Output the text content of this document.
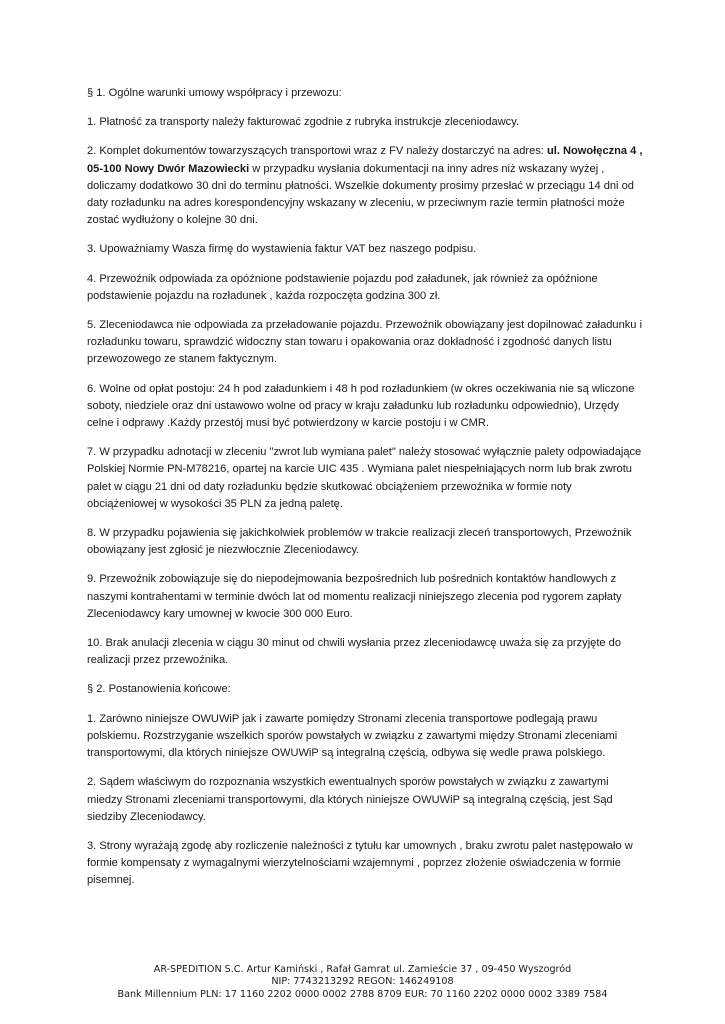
§ 1. Ogólne warunki umowy współpracy i przewozu:

1. Płatność za transporty należy fakturować zgodnie z rubryka instrukcje zleceniodawcy.

2. Komplet dokumentów towarzyszących transportowi wraz z FV należy dostarczyć na adres: ul. Nowołęczna 4 , 05-100 Nowy Dwór Mazowiecki w przypadku wysłania dokumentacji na inny adres niż wskazany wyżej , doliczamy dodatkowo 30 dni do terminu płatności. Wszelkie dokumenty prosimy przesłać w przeciągu 14 dni od daty rozładunku na adres korespondencyjny wskazany w zleceniu, w przeciwnym razie termin płatności może zostać wydłużony o kolejne 30 dni.

3. Upoważniamy Wasza firmę do wystawienia faktur VAT bez naszego podpisu.

4. Przewoźnik odpowiada za opóźnione podstawienie pojazdu pod załadunek, jak również za opóźnione podstawienie pojazdu na rozładunek , każda rozpoczęta godzina 300 zł.

5. Zleceniodawca nie odpowiada za przeładowanie pojazdu. Przewoźnik obowiązany jest dopilnować załadunku i rozładunku towaru, sprawdzić widoczny stan towaru i opakowania oraz dokładność i zgodność danych listu przewozowego ze stanem faktycznym.

6. Wolne od opłat postoju: 24 h pod załadunkiem i 48 h pod rozładunkiem (w okres oczekiwania nie są wliczone soboty, niedziele oraz dni ustawowo wolne od pracy w kraju załadunku lub rozładunku odpowiednio), Urzędy celne i odprawy .Każdy przestój musi być potwierdzony w karcie postoju i w CMR.

7. W przypadku adnotacji w zleceniu "zwrot lub wymiana palet" należy stosować wyłącznie palety odpowiadające Polskiej Normie PN-M78216, opartej na karcie UIC 435 . Wymiana palet niespełniających norm lub brak zwrotu palet w ciągu 21 dni od daty rozładunku będzie skutkować obciążeniem przewoźnika w formie noty obciążeniowej w wysokości 35 PLN za jedną paletę.

8. W przypadku pojawienia się jakichkolwiek problemów w trakcie realizacji zleceń transportowych, Przewoźnik obowiązany jest zgłosić je niezwłocznie Zleceniodawcy.

9. Przewoźnik zobowiązuje się do niepodejmowania bezpośrednich lub pośrednich kontaktów handlowych z naszymi kontrahentami w terminie dwóch lat od momentu realizacji niniejszego zlecenia pod rygorem zapłaty Zleceniodawcy kary umownej w kwocie 300 000 Euro.

10. Brak anulacji zlecenia w ciągu 30 minut od chwili wysłania przez zleceniodawcę uważa się za przyjęte do realizacji przez przewoźnika.

§ 2. Postanowienia końcowe:

1. Zarówno niniejsze OWUWiP jak i zawarte pomiędzy Stronami zlecenia transportowe podlegają prawu polskiemu. Rozstrzyganie wszelkich sporów powstałych w związku z zawartymi między Stronami zleceniami transportowymi, dla których niniejsze OWUWiP są integralną częścią, odbywa się wedle prawa polskiego.

2. Sądem właściwym do rozpoznania wszystkich ewentualnych sporów powstałych w związku z zawartymi miedzy Stronami zleceniami transportowymi, dla których niniejsze OWUWiP są integralną częścią, jest Sąd siedziby Zleceniodawcy.

3. Strony wyrażają zgodę aby rozliczenie należności z tytułu kar umownych , braku zwrotu palet następowało w formie kompensaty z wymagalnymi wierzytelnościami wzajemnymi , poprzez złożenie oświadczenia w formie pisemnej.

AR-SPEDITION S.C. Artur Kamiński , Rafał Gamrat ul. Zamieście 37 , 09-450 Wyszogród
NIP: 7743213292 REGON: 146249108
Bank Millennium PLN: 17 1160 2202 0000 0002 2788 8709 EUR: 70 1160 2202 0000 0002 3389 7584
